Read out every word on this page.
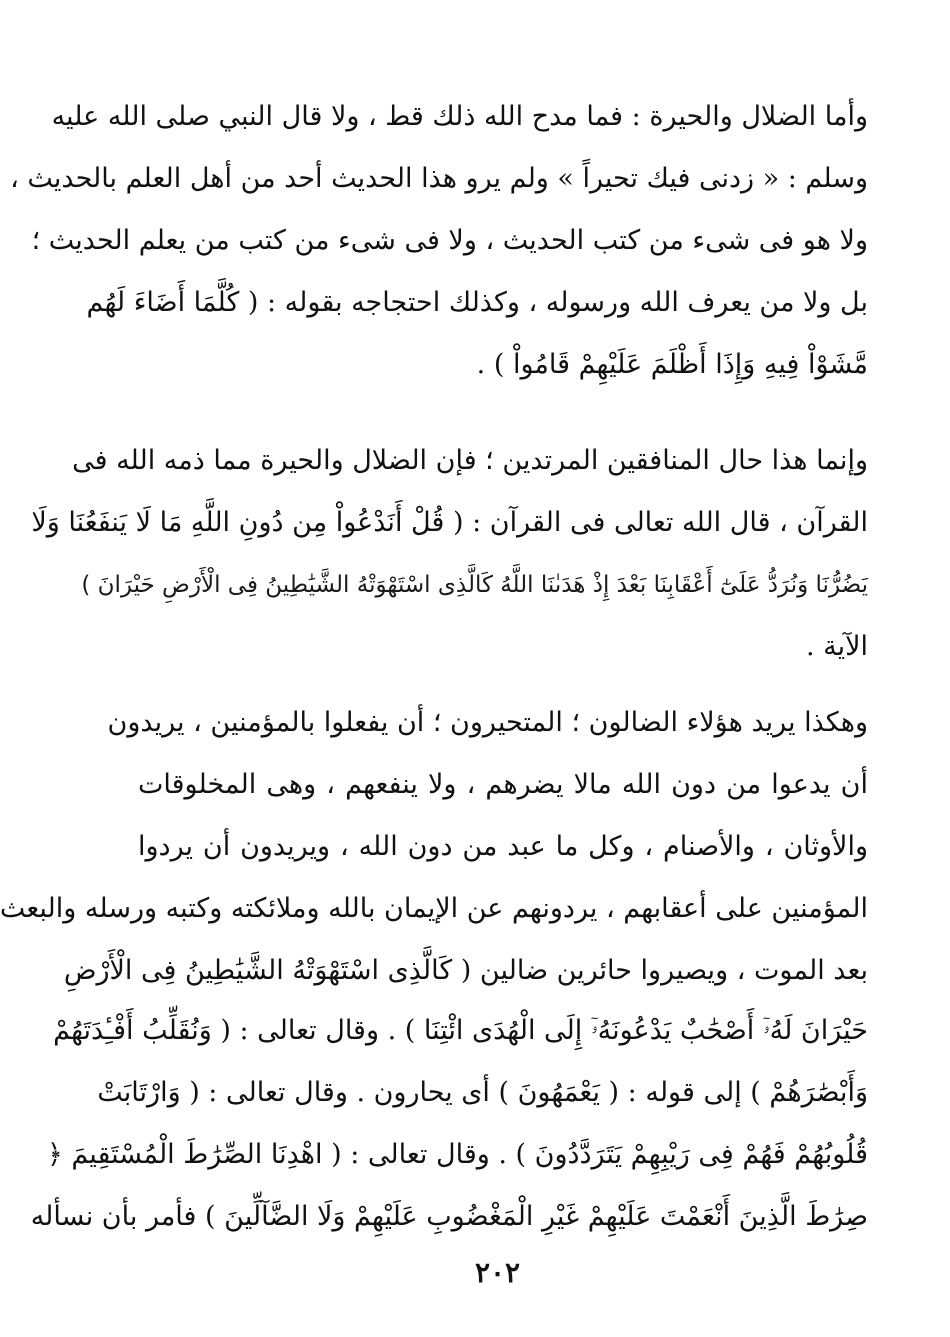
وأما الضلال والحيرة : فما مدح الله ذلك قط ، ولا قال النبي صلى الله عليه
وسلم : « زدنى فيك تحيراً » ولم يرو هذا الحديث أحد من أهل العلم بالحديث ،
ولا هو فى شىء من كتب الحديث ، ولا فى شىء من كتب من يعلم الحديث ؛
بل ولا من يعرف الله ورسوله ، وكذلك احتجاجه بقوله : ( كُلَّمَا أَضَاءَ لَهُم
مَّشَوْاْ فِيهِ وَإِذَا أَظْلَمَ عَلَيْهِمْ قَامُواْ ) .
وإنما هذا حال المنافقين المرتدين ؛ فإن الضلال والحيرة مما ذمه الله فى
القرآن ، قال الله تعالى فى القرآن : ( قُلْ أَنَدْعُواْ مِن دُونِ اللَّهِ مَا لَا يَنفَعُنَا وَلَا
يَضُرُّنَا وَنُرَدُّ عَلَىٰٓ أَعْقَابِنَا بَعْدَ إِذْ هَدَىٰنَا اللَّهُ كَالَّذِى اسْتَهْوَتْهُ الشَّيَٰطِينُ فِى الْأَرْضِ حَيْرَانَ )
الآية .
وهكذا يريد هؤلاء الضالون ؛ المتحيرون ؛ أن يفعلوا بالمؤمنين ، يريدون
أن يدعوا من دون الله مالا يضرهم ، ولا ينفعهم ، وهى المخلوقات
والأوثان ، والأصنام ، وكل ما عبد من دون الله ، ويريدون أن يردوا
المؤمنين على أعقابهم ، يردونهم عن الإيمان بالله وملائكته وكتبه ورسله والبعث
بعد الموت ، ويصيروا حائرين ضالين ( كَالَّذِى اسْتَهْوَتْهُ الشَّيَٰطِينُ فِى الْأَرْضِ
حَيْرَانَ لَهُۥٓ أَصْحَٰبٌ يَدْعُونَهُۥٓ إِلَى الْهُدَى ائْتِنَا ) . وقال تعالى : ( وَنُقَلِّبُ أَفْـِٔدَتَهُمْ
وَأَبْصَٰرَهُمْ ) إلى قوله : ( يَعْمَهُونَ ) أى يحارون . وقال تعالى : ( وَارْتَابَتْ
قُلُوبُهُمْ فَهُمْ فِى رَيْبِهِمْ يَتَرَدَّدُونَ ) . وقال تعالى : ( اهْدِنَا الصِّرَٰطَ الْمُسْتَقِيمَ ﴿
صِرَٰطَ الَّذِينَ أَنْعَمْتَ عَلَيْهِمْ غَيْرِ الْمَغْضُوبِ عَلَيْهِمْ وَلَا الضَّآلِّينَ ) فأمر بأن نسأله
٢٠٢
